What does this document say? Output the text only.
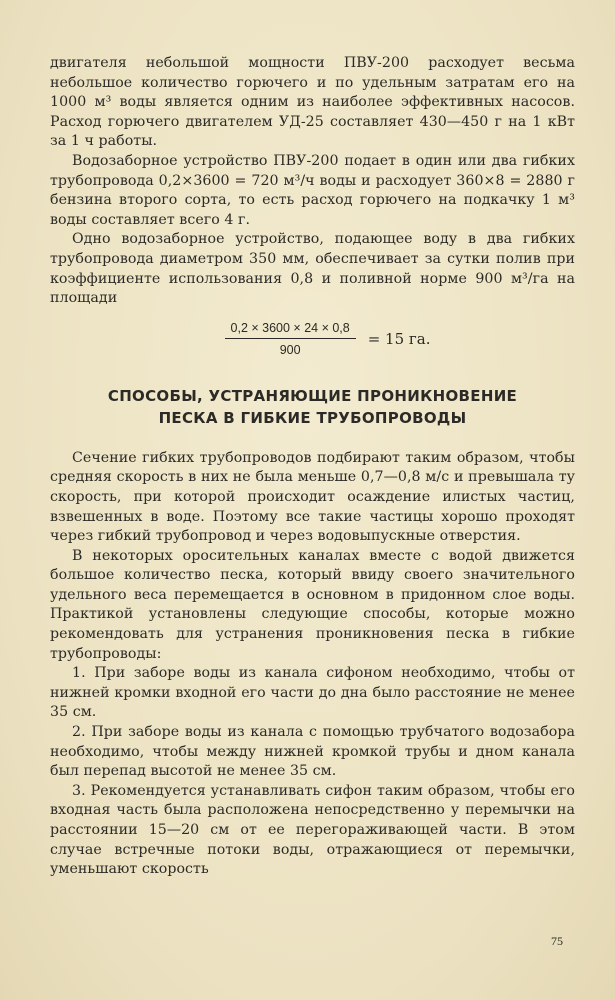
двигателя небольшой мощности ПВУ-200 расходует весьма небольшое количество горючего и по удельным затратам его на 1000 м³ воды является одним из наиболее эффективных насосов. Расход горючего двигателем УД-25 составляет 430—450 г на 1 кВт за 1 ч работы.

Водозаборное устройство ПВУ-200 подает в один или два гибких трубопровода 0,2×3600 = 720 м³/ч воды и расходует 360×8 = 2880 г бензина второго сорта, то есть расход горючего на подкачку 1 м³ воды составляет всего 4 г.

Одно водозаборное устройство, подающее воду в два гибких трубопровода диаметром 350 мм, обеспечивает за сутки полив при коэффициенте использования 0,8 и поливной норме 900 м³/га на площади

$\frac{0,2 \times 3600 \times 24 \times 0,8}{900} = 15$ га.
СПОСОБЫ, УСТРАНЯЮЩИЕ ПРОНИКНОВЕНИЕ
ПЕСКА В ГИБКИЕ ТРУБОПРОВОДЫ

Сечение гибких трубопроводов подбирают таким образом, чтобы средняя скорость в них не была меньше 0,7—0,8 м/с и превышала ту скорость, при которой происходит осаждение илистых частиц, взвешенных в воде. Поэтому все такие частицы хорошо проходят через гибкий трубопровод и через водовыпускные отверстия.

В некоторых оросительных каналах вместе с водой движется большое количество песка, который ввиду своего значительного удельного веса перемещается в основном в придонном слое воды. Практикой установлены следующие способы, которые можно рекомендовать для устранения проникновения песка в гибкие трубопроводы:

1. При заборе воды из канала сифоном необходимо, чтобы от нижней кромки входной его части до дна было расстояние не менее 35 см.

2. При заборе воды из канала с помощью трубчатого водозабора необходимо, чтобы между нижней кромкой трубы и дном канала был перепад высотой не менее 35 см.

3. Рекомендуется устанавливать сифон таким образом, чтобы его входная часть была расположена непосредственно у перемычки на расстоянии 15—20 см от ее перегораживающей части. В этом случае встречные потоки воды, отражающиеся от перемычки, уменьшают скорость

75
